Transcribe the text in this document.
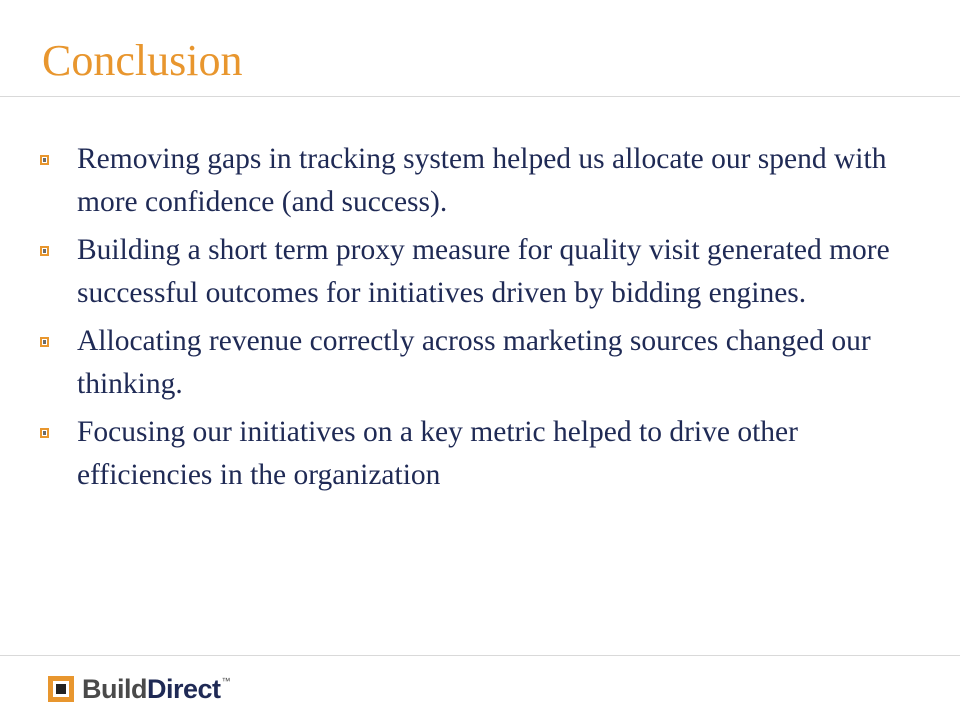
Conclusion
Removing gaps in tracking system helped us allocate our spend with more confidence (and success).
Building a short term proxy measure for quality visit generated more successful outcomes for initiatives driven by bidding engines.
Allocating revenue correctly across marketing sources changed our thinking.
Focusing our initiatives on a key metric helped to drive other efficiencies in the organization
BuildDirect ™
